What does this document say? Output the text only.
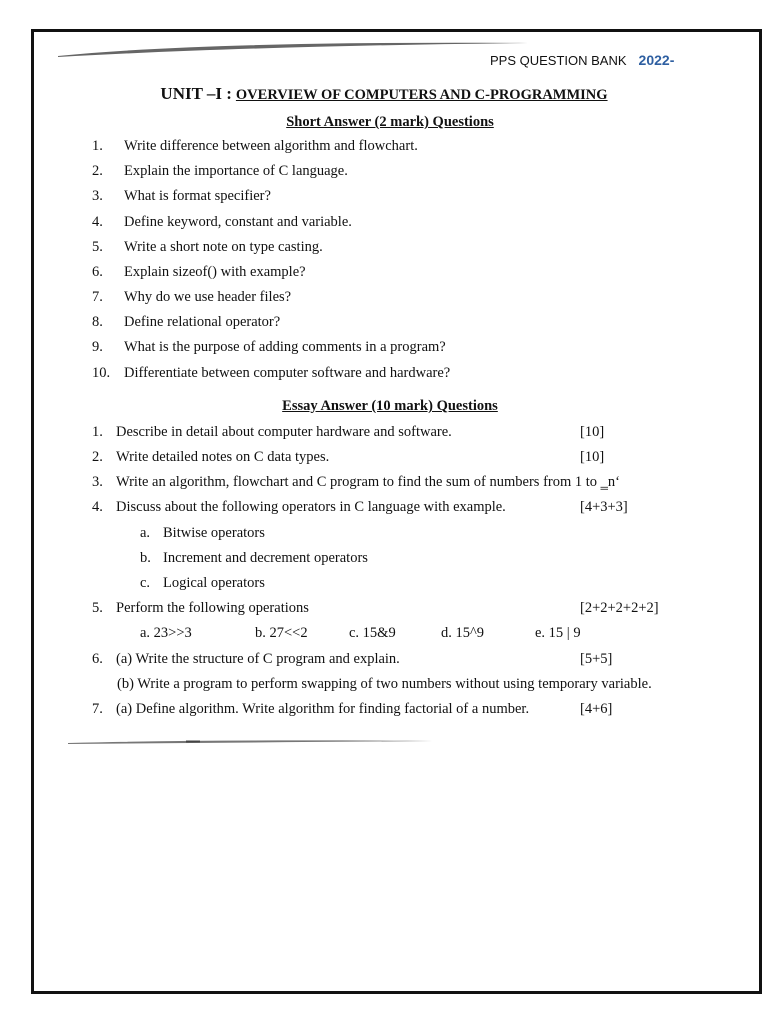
PPS QUESTION BANK 2022-
UNIT –I : OVERVIEW OF COMPUTERS AND C-PROGRAMMING
Short Answer (2 mark) Questions
1. Write difference between algorithm and flowchart.
2. Explain the importance of C language.
3. What is format specifier?
4. Define keyword, constant and variable.
5. Write a short note on type casting.
6. Explain sizeof() with example?
7. Why do we use header files?
8. Define relational operator?
9. What is the purpose of adding comments in a program?
10. Differentiate between computer software and hardware?
Essay Answer (10 mark) Questions
1. Describe in detail about computer hardware and software.	[10]
2. Write detailed notes on C data types.	[10]
3. Write an algorithm, flowchart and C program to find the sum of numbers from 1 to ‗n‘
4. Discuss about the following operators in C language with example.	[4+3+3]
a. Bitwise operators
b. Increment and decrement operators
c. Logical operators
5. Perform the following operations	[2+2+2+2+2]
a. 23>>3	b. 27<<2	c. 15&9	d. 15^9	e. 15 | 9
6. (a) Write the structure of C program and explain.	[5+5]
(b) Write a program to perform swapping of two numbers without using temporary variable.
7. (a) Define algorithm. Write algorithm for finding factorial of a number.	[4+6]
